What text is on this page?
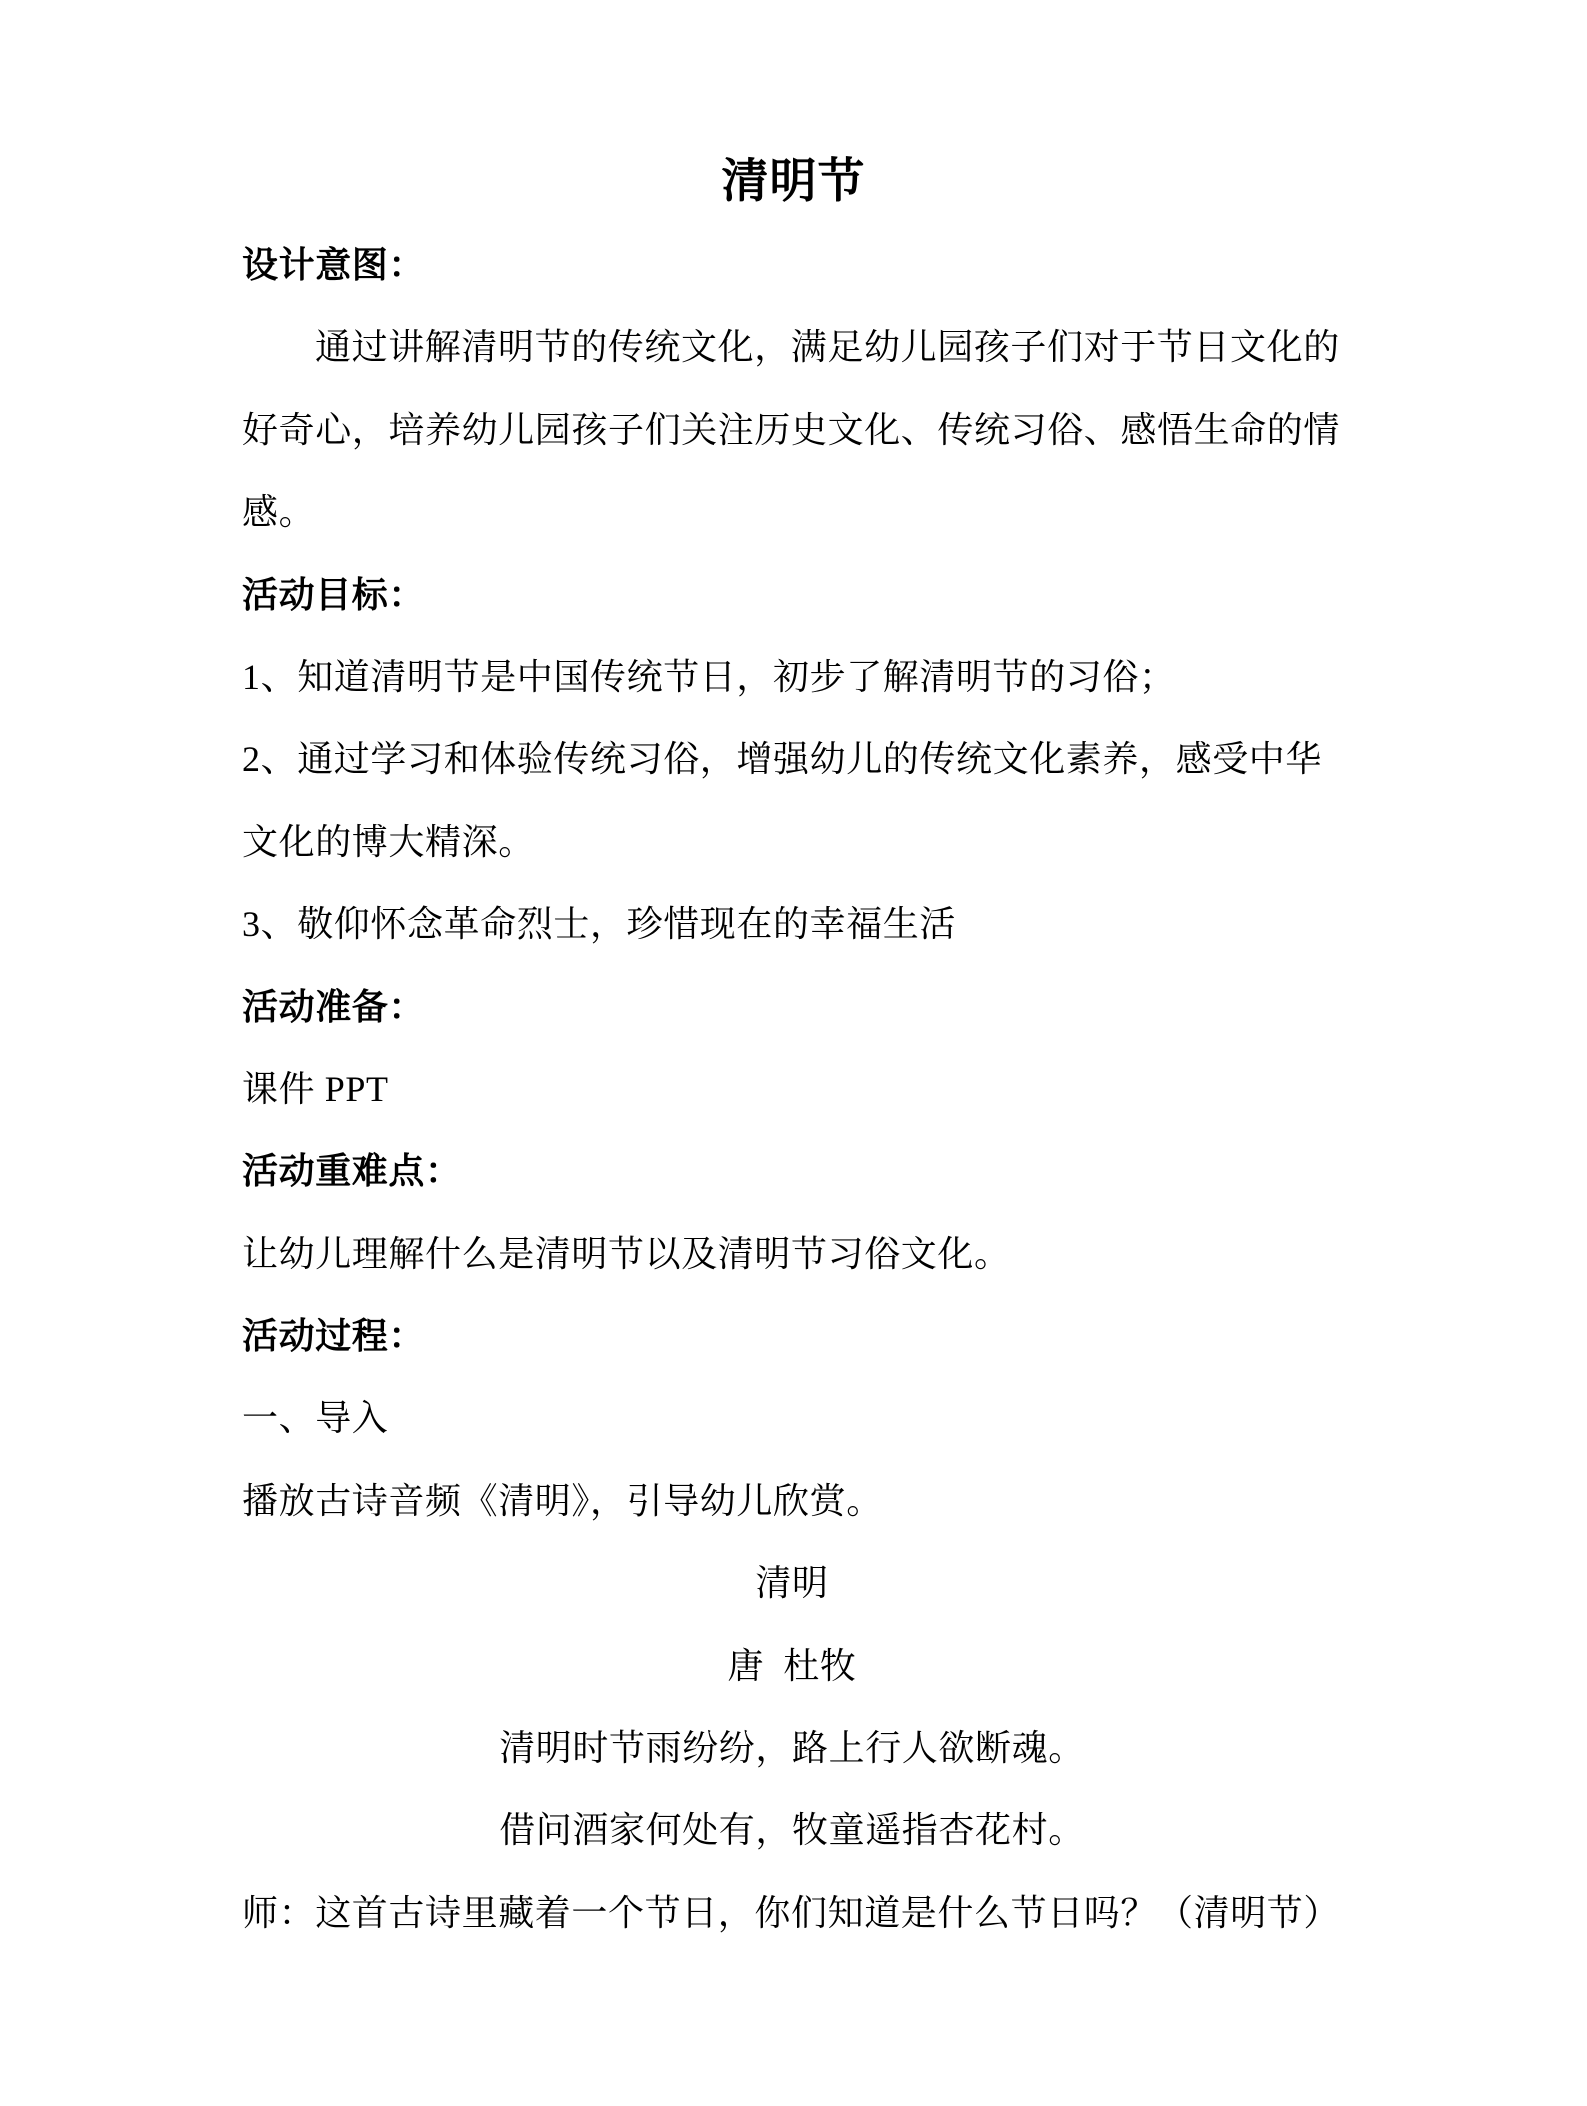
清明节
设计意图：
通过讲解清明节的传统文化，满足幼儿园孩子们对于节日文化的
好奇心，培养幼儿园孩子们关注历史文化、传统习俗、感悟生命的情
感。
活动目标：
1、知道清明节是中国传统节日，初步了解清明节的习俗；
2、通过学习和体验传统习俗，增强幼儿的传统文化素养，感受中华
文化的博大精深。
3、敬仰怀念革命烈士，珍惜现在的幸福生活
活动准备：
课件 PPT
活动重难点：
让幼儿理解什么是清明节以及清明节习俗文化。
活动过程：
一、导入
播放古诗音频《清明》，引导幼儿欣赏。
清明
唐  杜牧
清明时节雨纷纷，路上行人欲断魂。
借问酒家何处有，牧童遥指杏花村。
师：这首古诗里藏着一个节日，你们知道是什么节日吗？（清明节）
